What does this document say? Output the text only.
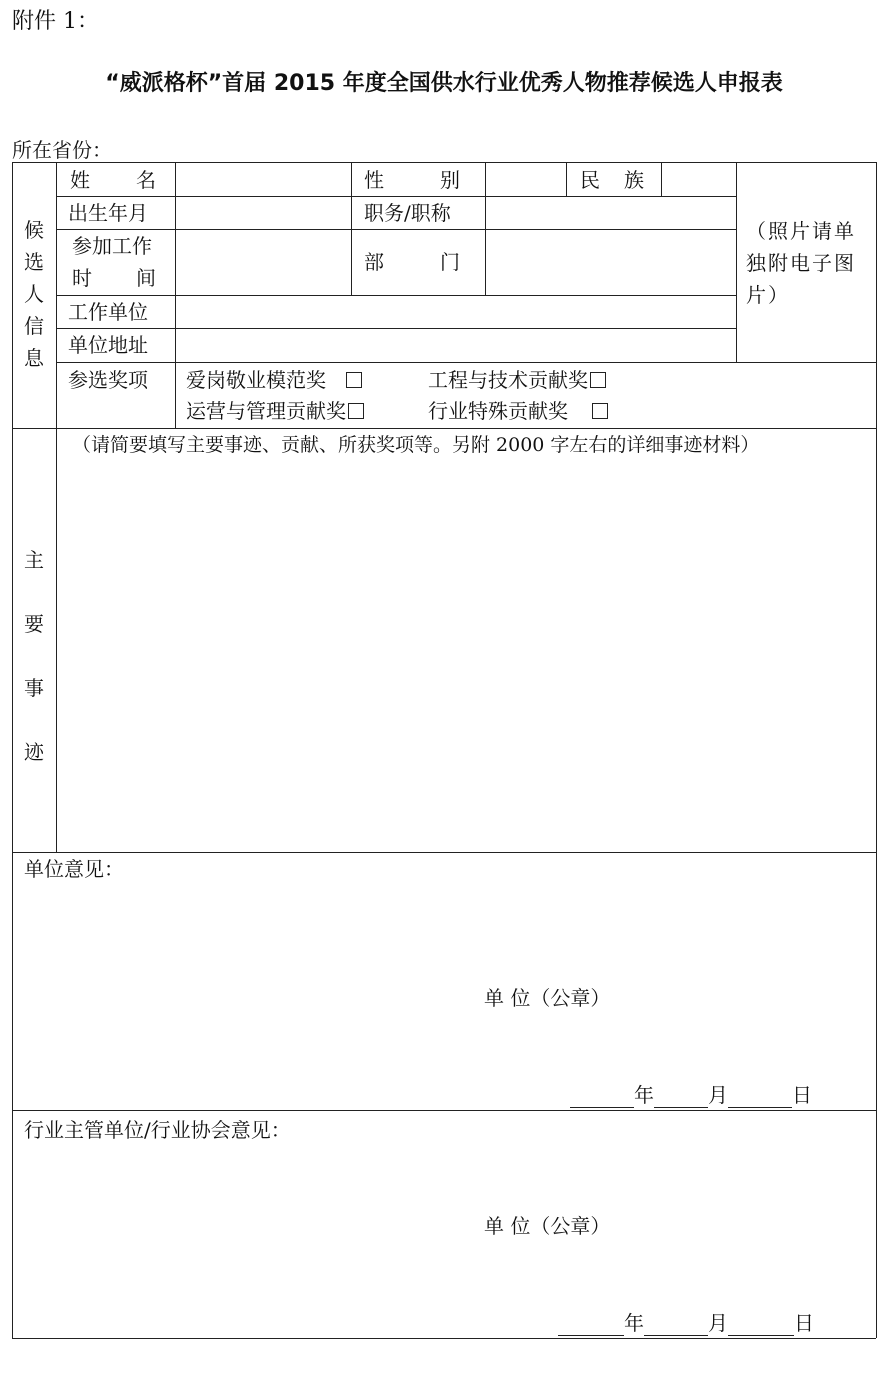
附件 1：
“威派格杯”首届 2015 年度全国供水行业优秀人物推荐候选人申报表
所在省份：
候
选
人
信
息
姓 名	性	别	民 族
出生年月	职务/职称
参加工作
时 间
部	门
（照片请单独附电子图片）
工作单位
单位地址
参选奖项 爱岗敬业模范奖	工程与技术贡献奖
运营与管理贡献奖	行业特殊贡献奖
主
要
事
迹
（请简要填写主要事迹、贡献、所获奖项等。另附 2000 字左右的详细事迹材料）
单位意见：
单 位（公章）
年	月	日
行业主管单位/行业协会意见：
单 位（公章）
年	月	日
